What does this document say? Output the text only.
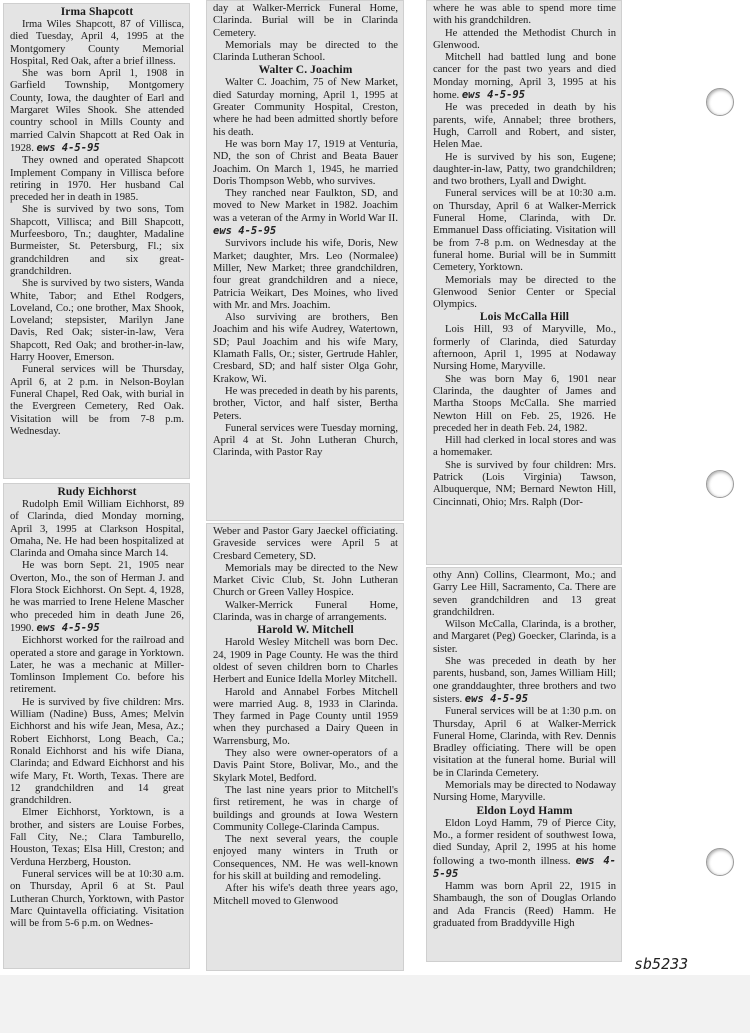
Irma Shapcott

Irma Wiles Shapcott, 87 of Villisca, died Tuesday, April 4, 1995 at the Montgomery County Memorial Hospital, Red Oak, after a brief illness.

She was born April 1, 1908 in Garfield Township, Montgomery County, Iowa, the daughter of Earl and Margaret Wiles Shook. She attended country school in Mills County and married Calvin Shapcott at Red Oak in 1928. ews 4-5-95

They owned and operated Shapcott Implement Company in Villisca before retiring in 1970. Her husband Cal preceded her in death in 1985.

She is survived by two sons, Tom Shapcott, Villisca; and Bill Shapcott, Murfeesboro, Tn.; daughter, Madaline Burmeister, St. Petersburg, Fl.; six grandchildren and six great-grandchildren.

She is survived by two sisters, Wanda White, Tabor; and Ethel Rodgers, Loveland, Co.; one brother, Max Shook, Loveland; stepsister, Marilyn Jane Davis, Red Oak; sister-in-law, Vera Shapcott, Red Oak; and brother-in-law, Harry Hoover, Emerson.

Funeral services will be Thursday, April 6, at 2 p.m. in Nelson-Boylan Funeral Chapel, Red Oak, with burial in the Evergreen Cemetery, Red Oak. Visitation will be from 7-8 p.m. Wednesday.

Rudy Eichhorst

Rudolph Emil William Eichhorst, 89 of Clarinda, died Monday morning, April 3, 1995 at Clarkson Hospital, Omaha, Ne. He had been hospitalized at Clarinda and Omaha since March 14.

He was born Sept. 21, 1905 near Overton, Mo., the son of Herman J. and Flora Stock Eichhorst. On Sept. 4, 1928, he was married to Irene Helene Mascher who preceded him in death June 26, 1990. ews 4-5-95

Eichhorst worked for the railroad and operated a store and garage in Yorktown. Later, he was a mechanic at Miller-Tomlinson Implement Co. before his retirement.

He is survived by five children: Mrs. William (Nadine) Buss, Ames; Melvin Eichhorst and his wife Jean, Mesa, Az.; Robert Eichhorst, Long Beach, Ca.; Ronald Eichhorst and his wife Diana, Clarinda; and Edward Eichhorst and his wife Mary, Ft. Worth, Texas. There are 12 grandchildren and 14 great grandchildren.

Elmer Eichhorst, Yorktown, is a brother, and sisters are Louise Forbes, Fall City, Ne.; Clara Tamburello, Houston, Texas; Elsa Hill, Creston; and Verduna Herzberg, Houston.

Funeral services will be at 10:30 a.m. on Thursday, April 6 at St. Paul Lutheran Church, Yorktown, with Pastor Marc Quintavella officiating. Visitation will be from 5-6 p.m. on Wednes-

day at Walker-Merrick Funeral Home, Clarinda. Burial will be in Clarinda Cemetery.

Memorials may be directed to the Clarinda Lutheran School.

Walter C. Joachim

Walter C. Joachim, 75 of New Market, died Saturday morning, April 1, 1995 at Greater Community Hospital, Creston, where he had been admitted shortly before his death.

He was born May 17, 1919 at Venturia, ND, the son of Christ and Beata Bauer Joachim. On March 1, 1945, he married Doris Thompson Webb, who survives.

They ranched near Faulkton, SD, and moved to New Market in 1982. Joachim was a veteran of the Army in World War II. ews 4-5-95

Survivors include his wife, Doris, New Market; daughter, Mrs. Leo (Normalee) Miller, New Market; three grandchildren, four great grandchildren and a niece, Patricia Weikart, Des Moines, who lived with Mr. and Mrs. Joachim.

Also surviving are brothers, Ben Joachim and his wife Audrey, Watertown, SD; Paul Joachim and his wife Mary, Klamath Falls, Or.; sister, Gertrude Hahler, Cresbard, SD; and half sister Olga Gohr, Krakow, Wi.

He was preceded in death by his parents, brother, Victor, and half sister, Bertha Peters.

Funeral services were Tuesday morning, April 4 at St. John Lutheran Church, Clarinda, with Pastor Ray

Weber and Pastor Gary Jaeckel officiating. Graveside services were April 5 at Cresbard Cemetery, SD.

Memorials may be directed to the New Market Civic Club, St. John Lutheran Church or Green Valley Hospice.

Walker-Merrick Funeral Home, Clarinda, was in charge of arrangements.

Harold W. Mitchell

Harold Wesley Mitchell was born Dec. 24, 1909 in Page County. He was the third oldest of seven children born to Charles Herbert and Eunice Idella Morley Mitchell.

Harold and Annabel Forbes Mitchell were married Aug. 8, 1933 in Clarinda. They farmed in Page County until 1959 when they purchased a Dairy Queen in Warrensburg, Mo.

They also were owner-operators of a Davis Paint Store, Bolivar, Mo., and the Skylark Motel, Bedford.

The last nine years prior to Mitchell's first retirement, he was in charge of buildings and grounds at Iowa Western Community College-Clarinda Campus.

The next several years, the couple enjoyed many winters in Truth or Consequences, NM. He was well-known for his skill at building and remodeling.

After his wife's death three years ago, Mitchell moved to Glenwood

where he was able to spend more time with his grandchildren.

He attended the Methodist Church in Glenwood.

Mitchell had battled lung and bone cancer for the past two years and died Monday morning, April 3, 1995 at his home. ews 4-5-95

He was preceded in death by his parents, wife, Annabel; three brothers, Hugh, Carroll and Robert, and sister, Helen Mae.

He is survived by his son, Eugene; daughter-in-law, Patty, two grandchildren; and two brothers, Lyall and Dwight.

Funeral services will be at 10:30 a.m. on Thursday, April 6 at Walker-Merrick Funeral Home, Clarinda, with Dr. Emmanuel Dass officiating. Visitation will be from 7-8 p.m. on Wednesday at the funeral home. Burial will be in Summitt Cemetery, Yorktown.

Memorials may be directed to the Glenwood Senior Center or Special Olympics.

Lois McCalla Hill

Lois Hill, 93 of Maryville, Mo., formerly of Clarinda, died Saturday afternoon, April 1, 1995 at Nodaway Nursing Home, Maryville.

She was born May 6, 1901 near Clarinda, the daughter of James and Martha Stoops McCalla. She married Newton Hill on Feb. 25, 1926. He preceded her in death Feb. 24, 1982.

Hill had clerked in local stores and was a homemaker.

She is survived by four children: Mrs. Patrick (Lois Virginia) Tawson, Albuquerque, NM; Bernard Newton Hill, Cincinnati, Ohio; Mrs. Ralph (Dor-

othy Ann) Collins, Clearmont, Mo.; and Garry Lee Hill, Sacramento, Ca. There are seven grandchildren and 13 great grandchildren.

Wilson McCalla, Clarinda, is a brother, and Margaret (Peg) Goecker, Clarinda, is a sister.

She was preceded in death by her parents, husband, son, James William Hill; one granddaughter, three brothers and two sisters. ews 4-5-95

Funeral services will be at 1:30 p.m. on Thursday, April 6 at Walker-Merrick Funeral Home, Clarinda, with Rev. Dennis Bradley officiating. There will be open visitation at the funeral home. Burial will be in Clarinda Cemetery.

Memorials may be directed to Nodaway Nursing Home, Maryville.

Eldon Loyd Hamm

Eldon Loyd Hamm, 79 of Pierce City, Mo., a former resident of southwest Iowa, died Sunday, April 2, 1995 at his home following a two-month illness. ews 4-5-95

Hamm was born April 22, 1915 in Shambaugh, the son of Douglas Orlando and Ada Francis (Reed) Hamm. He graduated from Braddyville High

sb5233
